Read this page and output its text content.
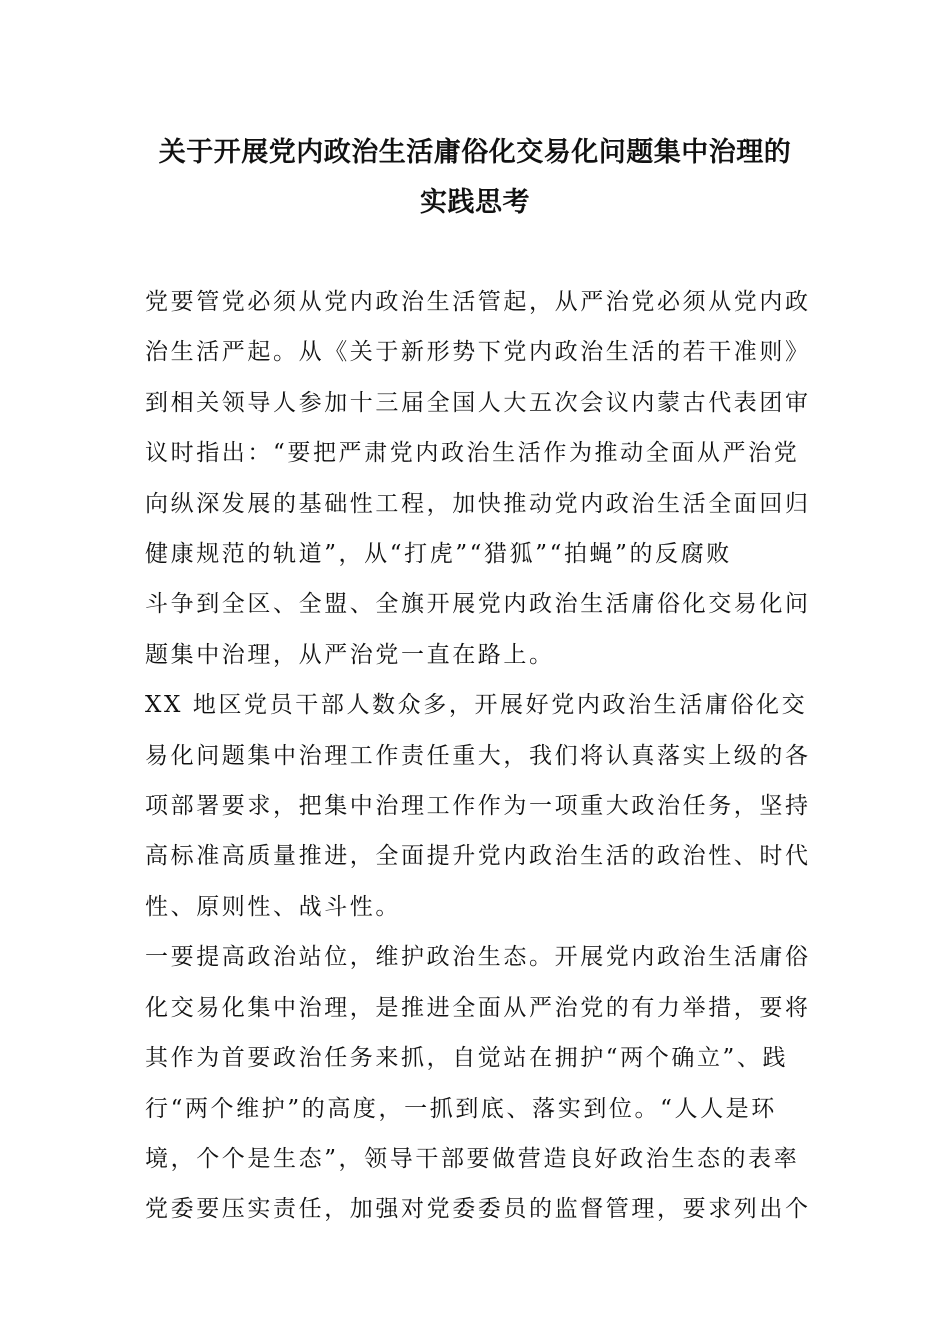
关于开展党内政治生活庸俗化交易化问题集中治理的
实践思考

党要管党必须从党内政治生活管起，从严治党必须从党内政
治生活严起。从《关于新形势下党内政治生活的若干准则》
到相关领导人参加十三届全国人大五次会议内蒙古代表团审
议时指出：“要把严肃党内政治生活作为推动全面从严治党
向纵深发展的基础性工程，加快推动党内政治生活全面回归
健康规范的轨道”，从“打虎”“猎狐”“拍蝇”的反腐败
斗争到全区、全盟、全旗开展党内政治生活庸俗化交易化问
题集中治理，从严治党一直在路上。

XX 地区党员干部人数众多，开展好党内政治生活庸俗化交
易化问题集中治理工作责任重大，我们将认真落实上级的各
项部署要求，把集中治理工作作为一项重大政治任务，坚持
高标准高质量推进，全面提升党内政治生活的政治性、时代
性、原则性、战斗性。

一要提高政治站位，维护政治生态。开展党内政治生活庸俗
化交易化集中治理，是推进全面从严治党的有力举措，要将
其作为首要政治任务来抓，自觉站在拥护“两个确立”、践
行“两个维护”的高度，一抓到底、落实到位。“人人是环
境，个个是生态”，领导干部要做营造良好政治生态的表率
党委要压实责任，加强对党委委员的监督管理，要求列出个
